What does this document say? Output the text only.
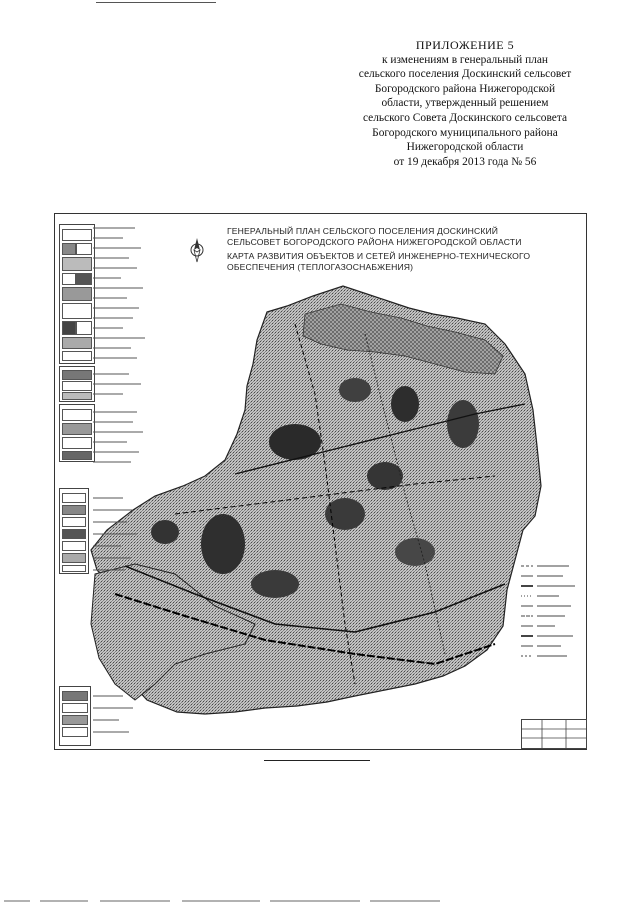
ПРИЛОЖЕНИЕ 5
к изменениям в генеральный план
сельского поселения Доскинский сельсовет
Богородского района Нижегородской
области, утвержденный решением
сельского Совета Доскинского сельсовета
Богородского муниципального района
Нижегородской области
от 19 декабря 2013 года № 56
ГЕНЕРАЛЬНЫЙ ПЛАН СЕЛЬСКОГО ПОСЕЛЕНИЯ ДОСКИНСКИЙ
СЕЛЬСОВЕТ БОГОРОДСКОГО РАЙОНА НИЖЕГОРОДСКОЙ ОБЛАСТИ
КАРТА РАЗВИТИЯ ОБЪЕКТОВ И СЕТЕЙ ИНЖЕНЕРНО-ТЕХНИЧЕСКОГО
ОБЕСПЕЧЕНИЯ (ТЕПЛОГАЗОСНАБЖЕНИЯ)
